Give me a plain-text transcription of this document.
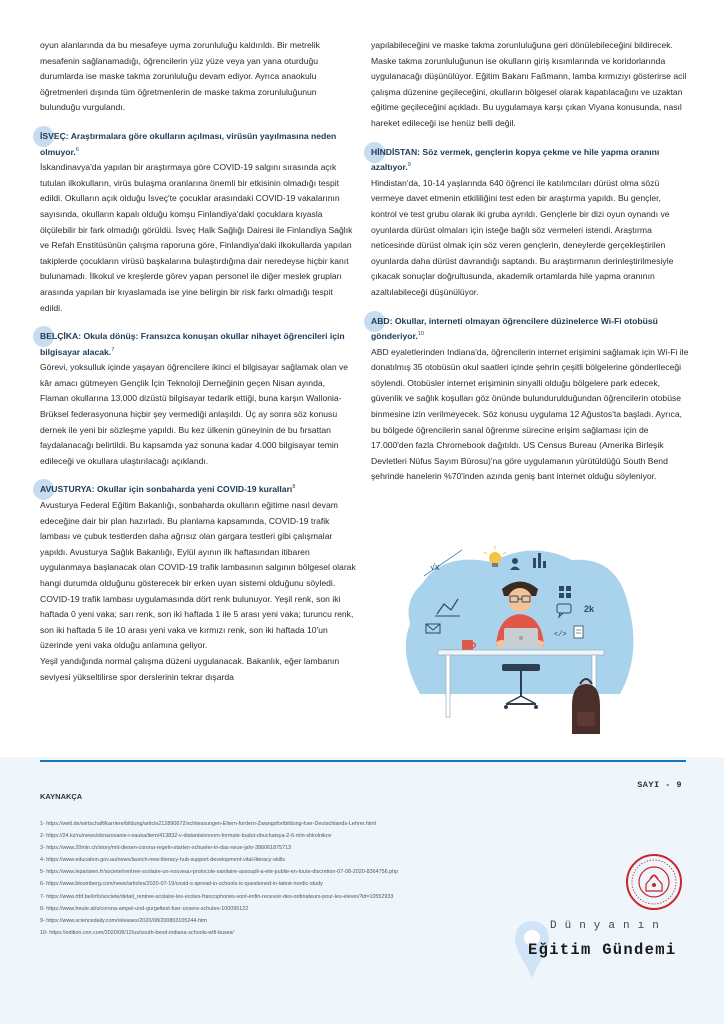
oyun alanlarında da bu mesafeye uyma zorunluluğu kaldırıldı. Bir metrelik mesafenin sağlanamadığı, öğrencilerin yüz yüze veya yan yana oturduğu durumlarda ise maske takma zorunluluğu devam ediyor. Ayrıca anaokulu öğretmenleri dışında tüm öğretmenlerin de maske takma zorunluluğunun bulunduğu vurgulandı.

İSVEÇ: Araştırmalara göre okulların açılması, virüsün yayılmasına neden olmuyor.$^6$

İskandinavya'da yapılan bir araştırmaya göre COVID-19 salgını sırasında açık tutulan ilkokulların, virüs bulaşma oranlarına önemli bir etkisinin olmadığı tespit edildi. Okulların açık olduğu İsveç'te çocuklar arasındaki COVID-19 vakalarının sayısında, okulların kapalı olduğu komşu Finlandiya'daki çocuklara kıyasla ölçülebilir bir fark olmadığı görüldü. İsveç Halk Sağlığı Dairesi ile Finlandiya Sağlık ve Refah Enstitüsünün çalışma raporuna göre, Finlandiya'daki ilkokullarda yapılan takiplerde çocukların virüsü başkalarına bulaştırdığına dair neredeyse hiçbir kanıt bulunamadı. İlkokul ve kreşlerde görev yapan personel ile diğer meslek grupları arasında yapılan bir kıyaslamada ise yine belirgin bir risk farkı olmadığı tespit edildi.

BELÇİKA: Okula dönüş: Fransızca konuşan okullar nihayet öğrencileri için bilgisayar alacak.$^7$

Görevi, yoksulluk içinde yaşayan öğrencilere ikinci el bilgisayar sağlamak olan ve kâr amacı gütmeyen Gençlik İçin Teknoloji Derneğinin geçen Nisan ayında, Flaman okullarına 13.000 dizüstü bilgisayar tedarik ettiği, buna karşın Wallonia-Brüksel federasyonuna hiçbir şey vermediği anlaşıldı. Üç ay sonra söz konusu dernek ile yeni bir sözleşme yapıldı. Bu kez ülkenin güneyinin de bu fırsattan faydalanacağı belirtildi. Bu kapsamda yaz sonuna kadar 4.000 bilgisayar temin edileceği ve okullara ulaştırılacağı açıklandı.

AVUSTURYA: Okullar için sonbaharda yeni COVID-19 kuralları$^8$

Avusturya Federal Eğitim Bakanlığı, sonbaharda okulların eğitime nasıl devam edeceğine dair bir plan hazırladı. Bu planlama kapsamında, COVID-19 trafik lambası ve çubuk testlerden daha ağrısız olan gargara testleri gibi çalışmalar yapıldı. Avusturya Sağlık Bakanlığı, Eylül ayının ilk haftasından itibaren uygulanmaya başlanacak olan COVID-19 trafik lambasının salgının bölgesel olarak hangi durumda olduğunu gösterecek bir erken uyarı sistemi olduğunu söyledi.

COVID-19 trafik lambası uygulamasında dört renk bulunuyor. Yeşil renk, son iki haftada 0 yeni vaka; sarı renk, son iki haftada 1 ile 5 arası yeni vaka; turuncu renk, son iki haftada 5 ile 10 arası yeni vaka ve kırmızı renk, son iki haftada 10'un üzerinde yeni vaka olduğu anlamına geliyor.

Yeşil yandığında normal çalışma düzeni uygulanacak. Bakanlık, eğer lambanın seviyesi yükseltilirse spor derslerinin tekrar dışarda

yapılabileceğini ve maske takma zorunluluğuna geri dönülebileceğini bildirecek. Maske takma zorunluluğunun ise okulların giriş kısımlarında ve koridorlarında uygulanacağı düşünülüyor. Eğitim Bakanı Faßmann, lamba kırmızıyı gösterirse acil çalışma düzenine geçileceğini, okulların bölgesel olarak kapatılacağını ve uzaktan eğitime geçileceğini açıkladı. Bu uygulamaya karşı çıkan Viyana konusunda, nasıl hareket edileceği ise henüz belli değil.

HİNDİSTAN: Söz vermek, gençlerin kopya çekme ve hile yapma oranını azaltıyor.$^9$

Hindistan'da, 10-14 yaşlarında 640 öğrenci ile katılımcıları dürüst olma sözü vermeye davet etmenin etkililiğini test eden bir araştırma yapıldı. Bu gençler, kontrol ve test grubu olarak iki gruba ayrıldı. Gençlerle bir dizi oyun oynandı ve oyunlarda dürüst olmaları için isteğe bağlı söz vermeleri istendi. Araştırma neticesinde dürüst olmak için söz veren gençlerin, deneylerde gerçekleştirilen oyunlarda daha dürüst davrandığı saptandı. Bu araştırmanın derinleştirilmesiyle çıkacak sonuçlar doğrultusunda, akademik ortamlarda hile yapma oranının azaltılabileceği düşünülüyor.

ABD: Okullar, interneti olmayan öğrencilere düzinelerce Wi-Fi otobüsü gönderiyor.$^{10}$

ABD eyaletlerinden Indiana'da, öğrencilerin internet erişimini sağlamak için Wi-Fi ile donatılmış 35 otobüsün okul saatleri içinde şehrin çeşitli bölgelerine gönderileceği söylendi. Otobüsler internet erişiminin sinyalli olduğu bölgelere park edecek, güvenlik ve sağlık koşulları göz önünde bulundurulduğundan öğrencilerin otobüse binmesine izin verilmeyecek. Söz konusu uygulama 12 Ağustos'ta başladı. Ayrıca, bu bölgede öğrencilerin sanal öğrenme sürecine erişim sağlaması için de 17.000'den fazla Chromebook dağıtıldı. US Census Bureau (Amerika Birleşik Devletleri Nüfus Sayım Bürosu)'na göre uygulamanın yürütüldüğü South Bend şehrinde hanelerin %70'inden azında geniş bant internet olduğu söyleniyor.

√x
2k
</>
SAYI - 9
KAYNAKÇA
1- https://welt.de/wirtschaft/karriere/bildung/article212890672/schliessungen-Eltern-fordern-Zwangsfortbildung-fuer-Deutschlands-Lehrer.html
2- https://24.kz/ru/news/obrazovanie-i-nauka/item/413832-v-distantsionnom-formate-budut-obuchatsya-2-6-mln-shkolnikov
3- https://www.20min.ch/story/mit-diesen-corona-regeln-starten-schueler-in-das-neue-jahr-386061875713
4- https://www.education.gov.au/news/launch-new-literacy-hub-support-development-vital-literacy-skills
5- https://www.leparisien.fr/societe/rentree-scolaire-un-nouveau-protocole-sanitaire-assoupli-a-ete-publie-en-toute-discretion-07-08-2020-8364756.php
6- https://www.bloomberg.com/news/articles/2020-07-19/covid-s-spread-in-schools-is-questioned-in-latest-nordic-study
7- https://www.rtbf.be/info/societe/detail_rentree-scolaire-les-ecoles-francophones-vont-enfin-recevoir-des-ordinateurs-pour-les-eleves?id=10552933
8- https://www.heute.at/s/corona-ampel-und-gurgeltest-fuer-unsere-schulen-100095122
9- https://www.sciencedaily.com/releases/2020/08/200803105244.htm
10- https://edition.cnn.com/2020/08/12/us/south-bend-indiana-schools-wifi-buses/
Dünyanın
Eğitim Gündemi
